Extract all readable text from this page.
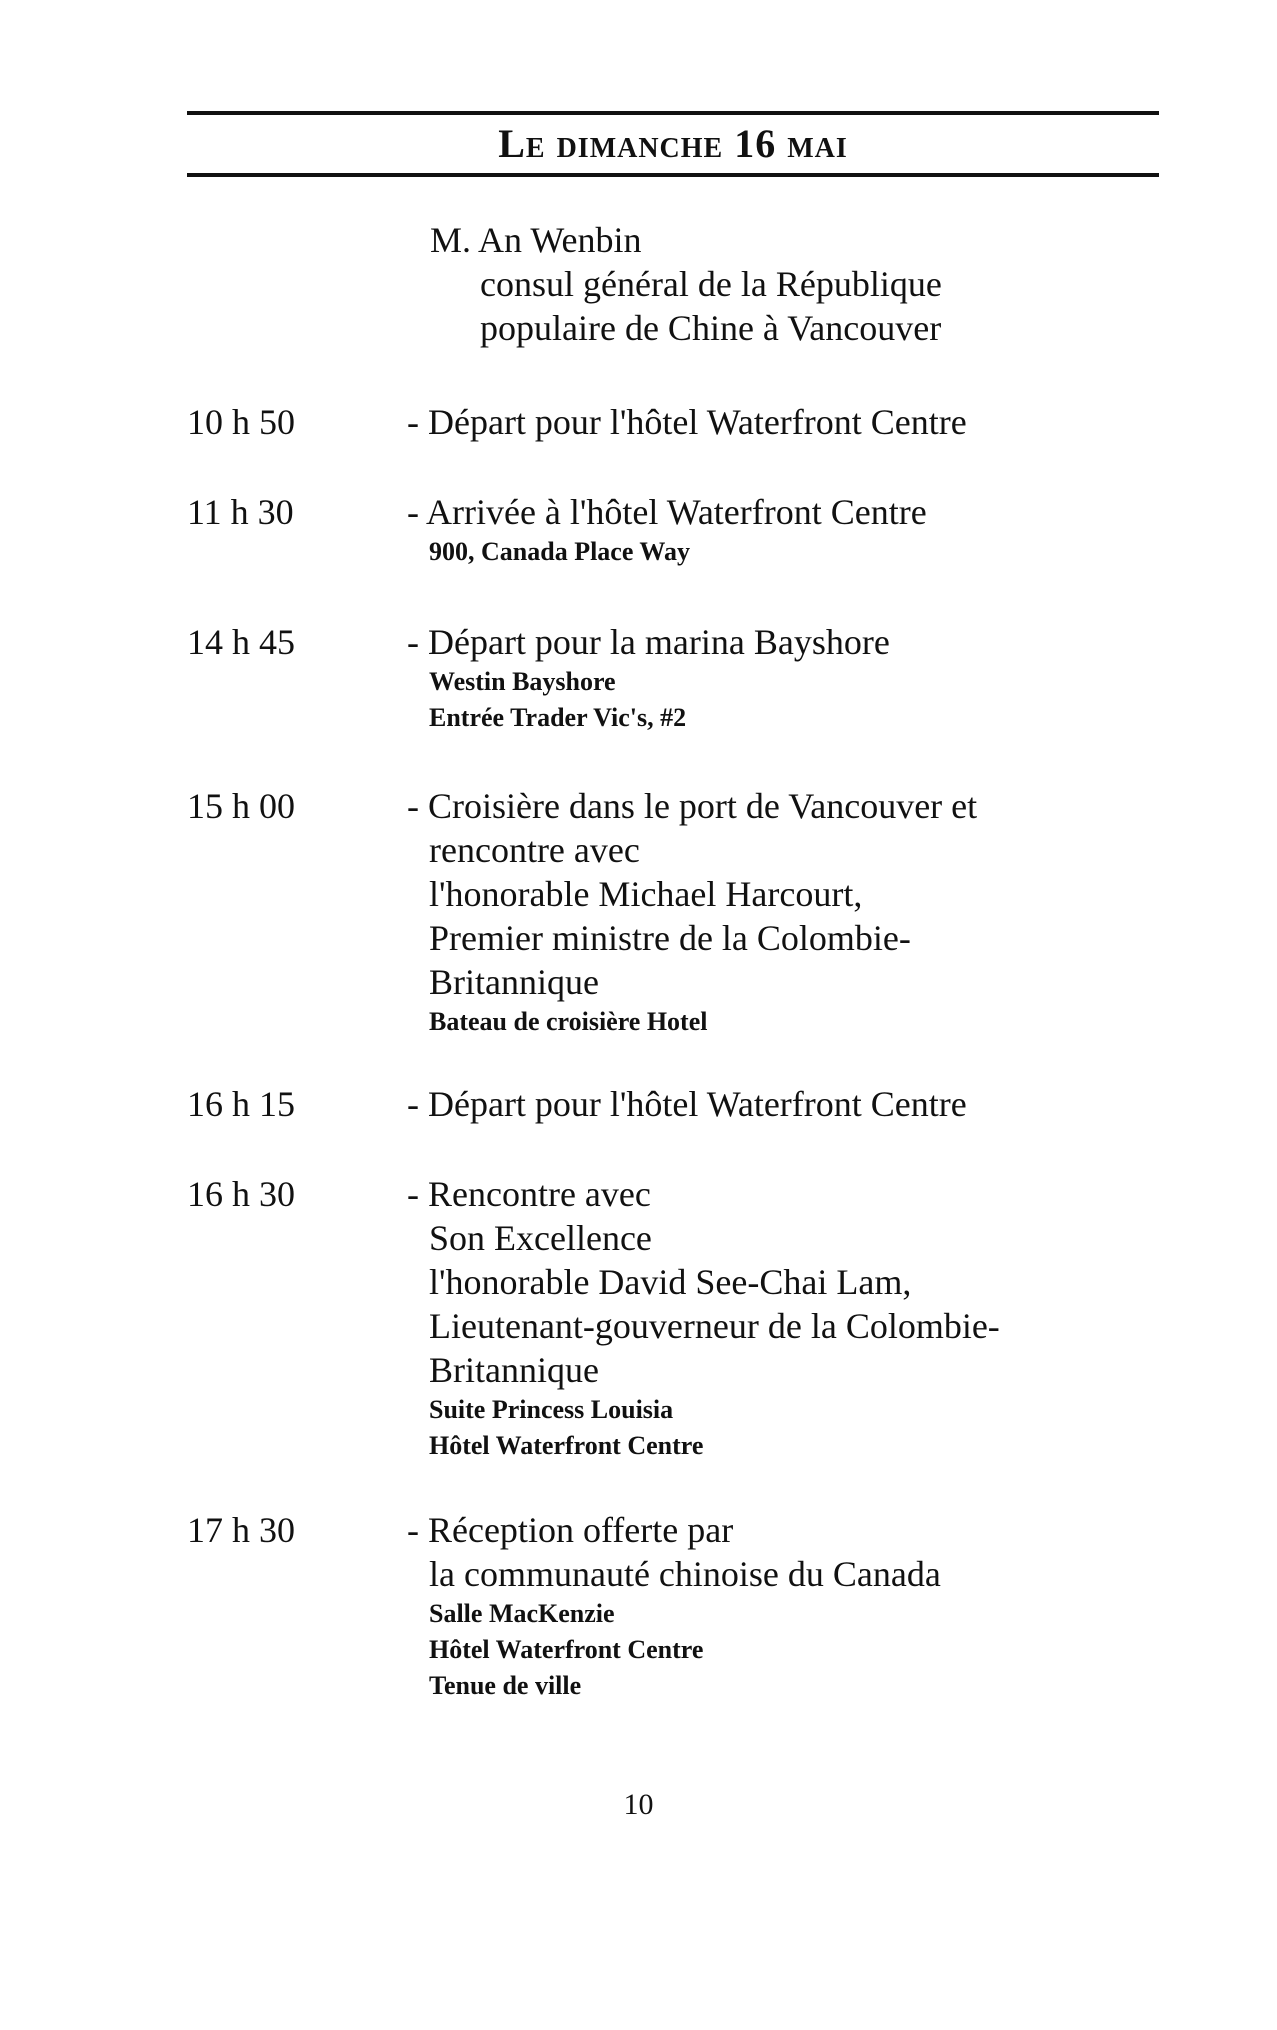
Le dimanche 16 mai
M. An Wenbin
consul général de la République
populaire de Chine à Vancouver
10 h 50	- Départ pour l'hôtel Waterfront Centre
11 h 30	- Arrivée à l'hôtel Waterfront Centre
900, Canada Place Way
14 h 45	- Départ pour la marina Bayshore
Westin Bayshore
Entrée Trader Vic's, #2
15 h 00	- Croisière dans le port de Vancouver et
rencontre avec
l'honorable Michael Harcourt,
Premier ministre de la Colombie-
Britannique
Bateau de croisière Hotel
16 h 15	- Départ pour l'hôtel Waterfront Centre
16 h 30	- Rencontre avec
Son Excellence
l'honorable David See-Chai Lam,
Lieutenant-gouverneur de la Colombie-
Britannique
Suite Princess Louisia
Hôtel Waterfront Centre
17 h 30	- Réception offerte par
la communauté chinoise du Canada
Salle MacKenzie
Hôtel Waterfront Centre
Tenue de ville
10
